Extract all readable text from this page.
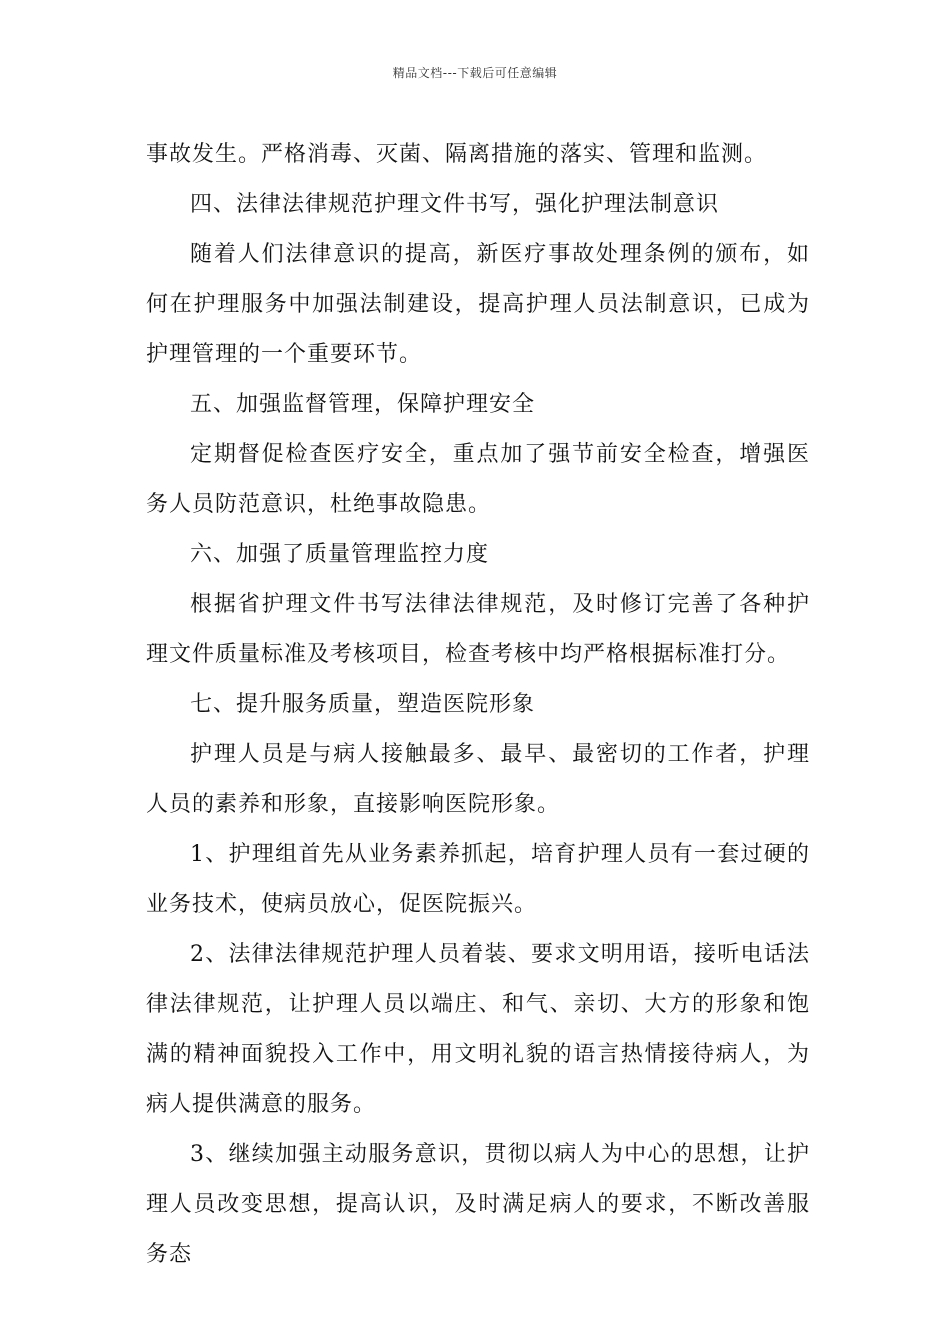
精品文档---下载后可任意编辑

事故发生。严格消毒、灭菌、隔离措施的落实、管理和监测。

四、法律法律规范护理文件书写，强化护理法制意识

随着人们法律意识的提高，新医疗事故处理条例的颁布，如何在护理服务中加强法制建设，提高护理人员法制意识，已成为护理管理的一个重要环节。

五、加强监督管理，保障护理安全

定期督促检查医疗安全，重点加了强节前安全检查，增强医务人员防范意识，杜绝事故隐患。

六、加强了质量管理监控力度

根据省护理文件书写法律法律规范，及时修订完善了各种护理文件质量标准及考核项目，检查考核中均严格根据标准打分。

七、提升服务质量，塑造医院形象

护理人员是与病人接触最多、最早、最密切的工作者，护理人员的素养和形象，直接影响医院形象。

1、护理组首先从业务素养抓起，培育护理人员有一套过硬的业务技术，使病员放心，促医院振兴。

2、法律法律规范护理人员着装、要求文明用语，接听电话法律法律规范，让护理人员以端庄、和气、亲切、大方的形象和饱满的精神面貌投入工作中，用文明礼貌的语言热情接待病人，为病人提供满意的服务。

3、继续加强主动服务意识，贯彻以病人为中心的思想，让护理人员改变思想，提高认识，及时满足病人的要求，不断改善服务态
